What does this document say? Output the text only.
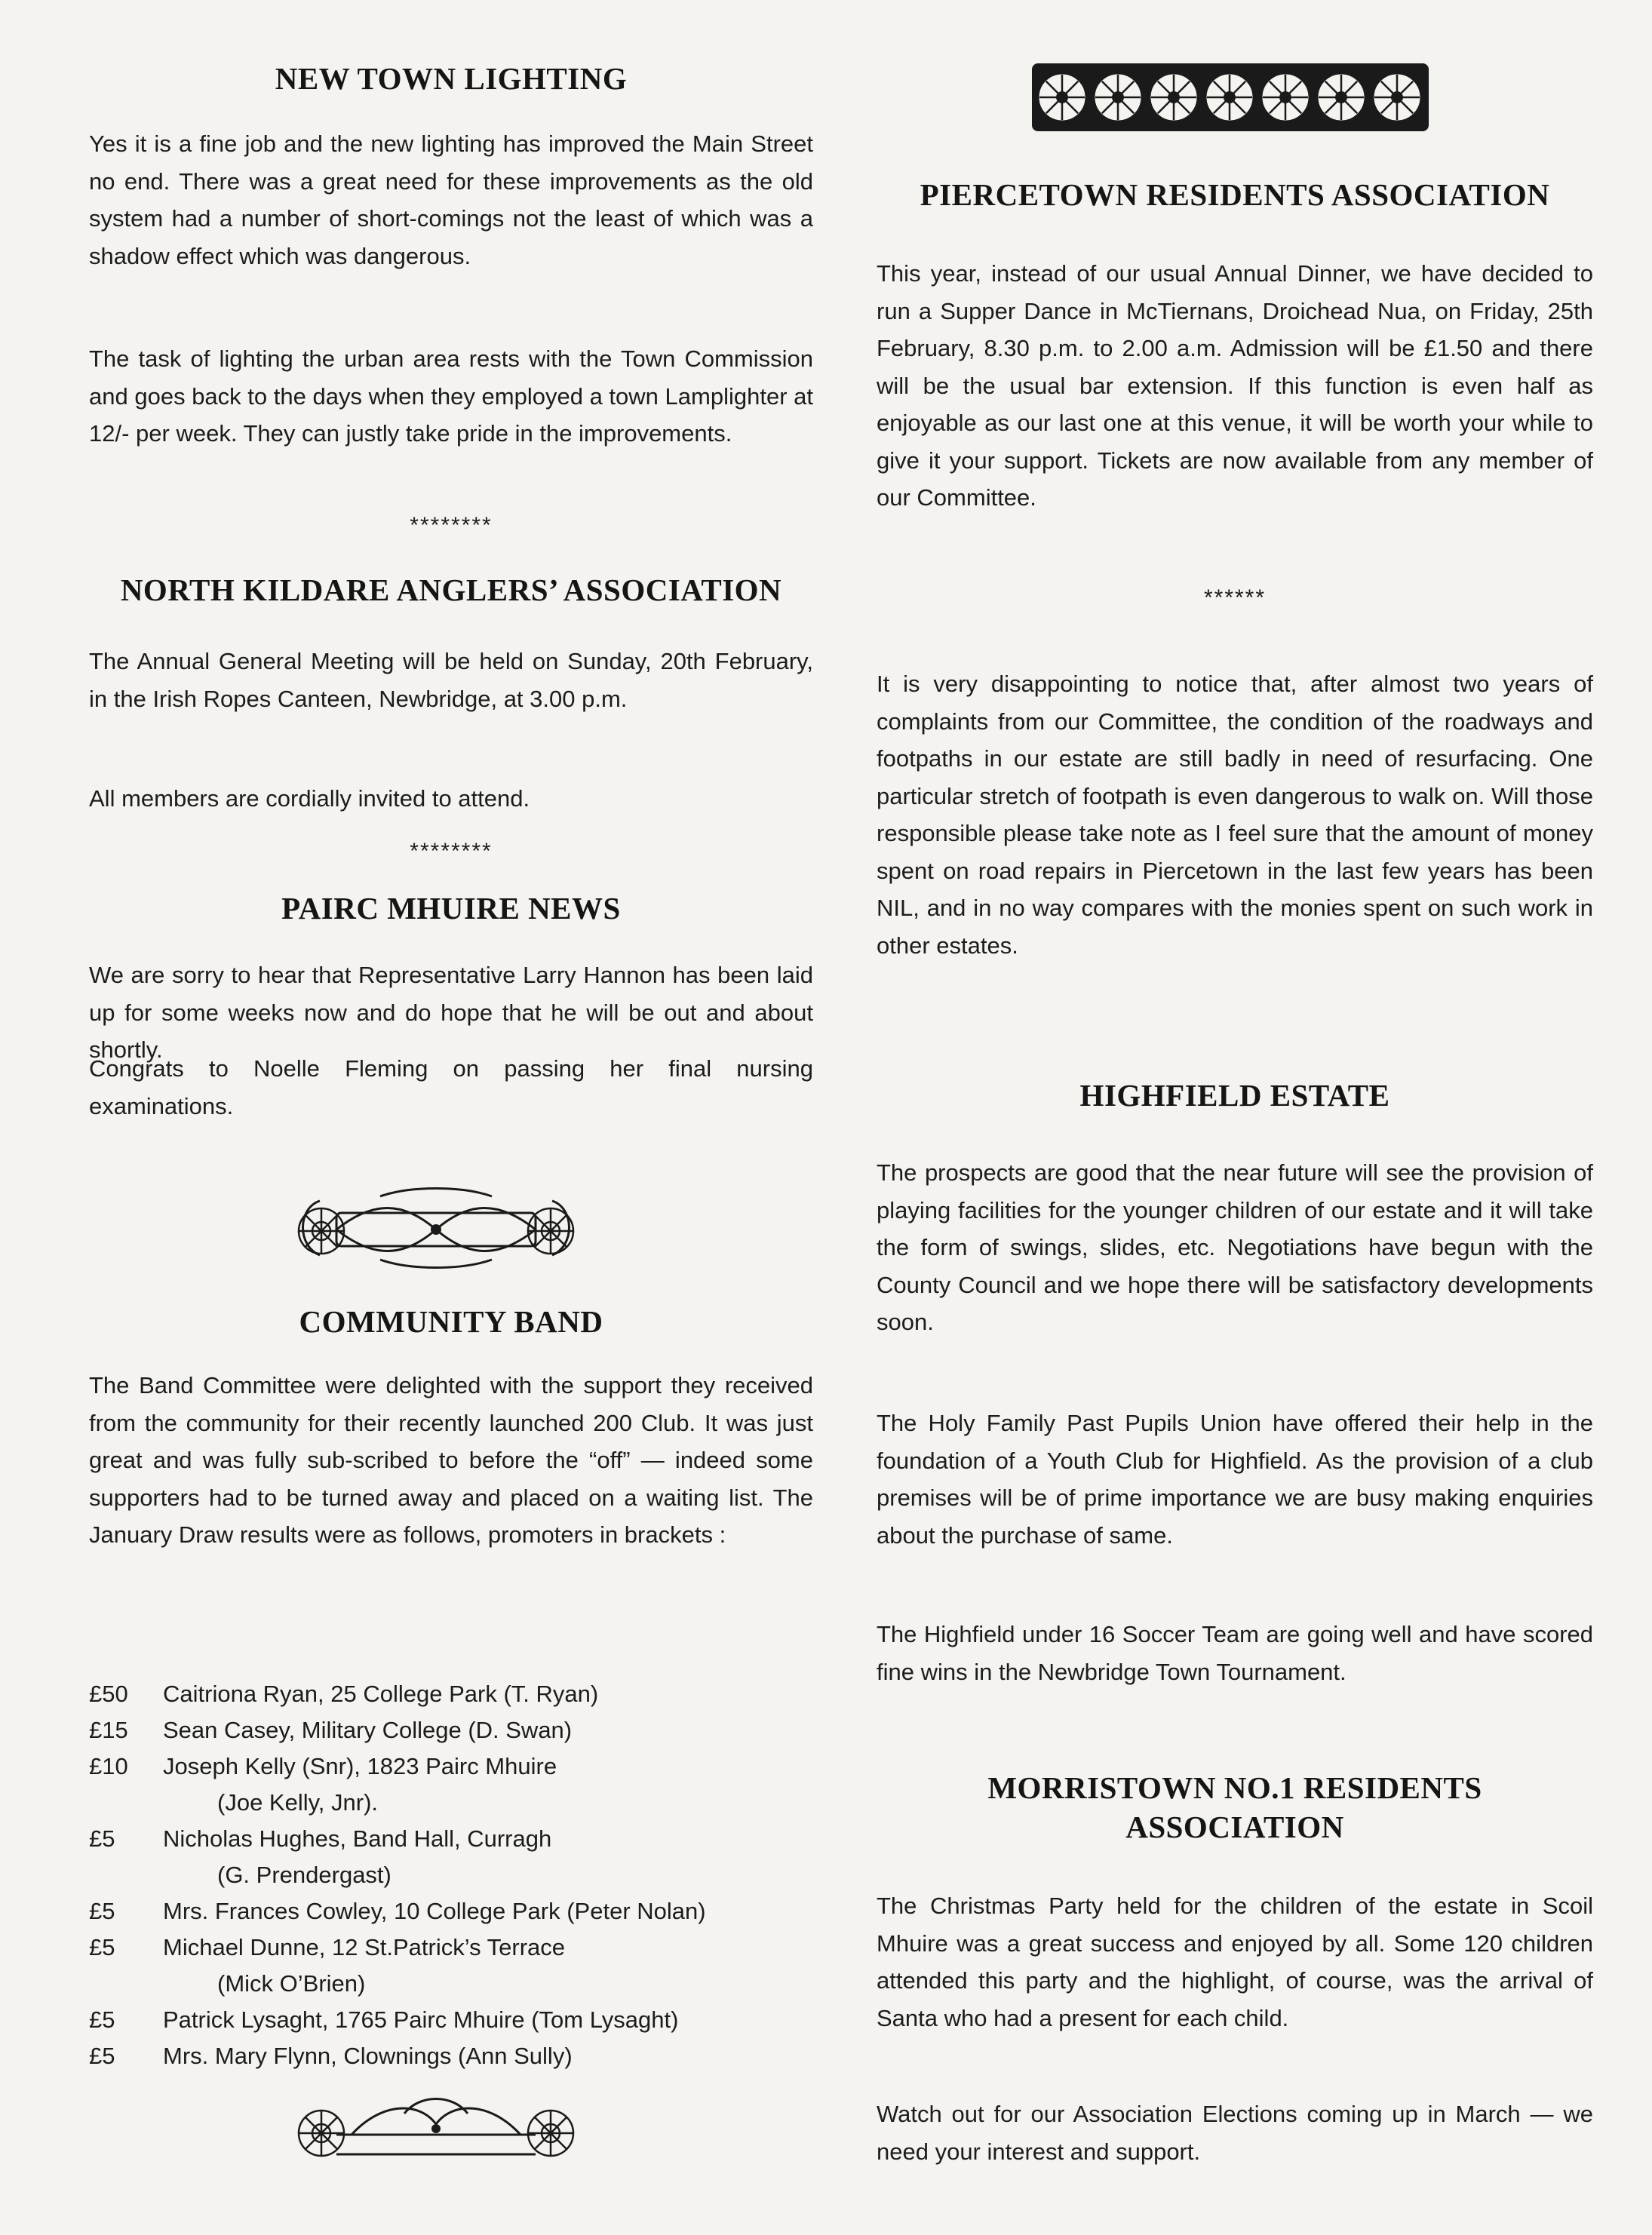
NEW TOWN LIGHTING

Yes it is a fine job and the new lighting has improved the Main Street no end. There was a great need for these improvements as the old system had a number of short-comings not the least of which was a shadow effect which was dangerous.

The task of lighting the urban area rests with the Town Commission and goes back to the days when they employed a town Lamplighter at 12/- per week. They can justly take pride in the improvements.

********

NORTH KILDARE ANGLERS’ ASSOCIATION

The Annual General Meeting will be held on Sunday, 20th February, in the Irish Ropes Canteen, Newbridge, at 3.00 p.m.

All members are cordially invited to attend.

********

PAIRC MHUIRE NEWS

We are sorry to hear that Representative Larry Hannon has been laid up for some weeks now and do hope that he will be out and about shortly.

Congrats to Noelle Fleming on passing her final nursing examinations.

COMMUNITY BAND

The Band Committee were delighted with the support they received from the community for their recently launched 200 Club. It was just great and was fully sub-scribed to before the “off” — indeed some supporters had to be turned away and placed on a waiting list. The January Draw results were as follows, promoters in brackets :

£50	Caitriona Ryan, 25 College Park (T. Ryan)
£15	Sean Casey, Military College (D. Swan)
£10	Joseph Kelly (Snr), 1823 Pairc Mhuire
(Joe Kelly, Jnr).
£5	Nicholas Hughes, Band Hall, Curragh
(G. Prendergast)
£5	Mrs. Frances Cowley, 10 College Park (Peter Nolan)
£5	Michael Dunne, 12 St.Patrick’s Terrace
(Mick O’Brien)
£5	Patrick Lysaght, 1765 Pairc Mhuire (Tom Lysaght)
£5	Mrs. Mary Flynn, Clownings (Ann Sully)
PIERCETOWN RESIDENTS ASSOCIATION

This year, instead of our usual Annual Dinner, we have decided to run a Supper Dance in McTiernans, Droichead Nua, on Friday, 25th February, 8.30 p.m. to 2.00 a.m. Admission will be £1.50 and there will be the usual bar extension. If this function is even half as enjoyable as our last one at this venue, it will be worth your while to give it your support. Tickets are now available from any member of our Committee.

******

It is very disappointing to notice that, after almost two years of complaints from our Committee, the condition of the roadways and footpaths in our estate are still badly in need of resurfacing. One particular stretch of footpath is even dangerous to walk on. Will those responsible please take note as I feel sure that the amount of money spent on road repairs in Piercetown in the last few years has been NIL, and in no way compares with the monies spent on such work in other estates.

HIGHFIELD ESTATE

The prospects are good that the near future will see the provision of playing facilities for the younger children of our estate and it will take the form of swings, slides, etc. Negotiations have begun with the County Council and we hope there will be satisfactory developments soon.

The Holy Family Past Pupils Union have offered their help in the foundation of a Youth Club for Highfield. As the provision of a club premises will be of prime importance we are busy making enquiries about the purchase of same.

The Highfield under 16 Soccer Team are going well and have scored fine wins in the Newbridge Town Tournament.

MORRISTOWN NO.1 RESIDENTS
ASSOCIATION

The Christmas Party held for the children of the estate in Scoil Mhuire was a great success and enjoyed by all. Some 120 children attended this party and the highlight, of course, was the arrival of Santa who had a present for each child.

Watch out for our Association Elections coming up in March — we need your interest and support.
